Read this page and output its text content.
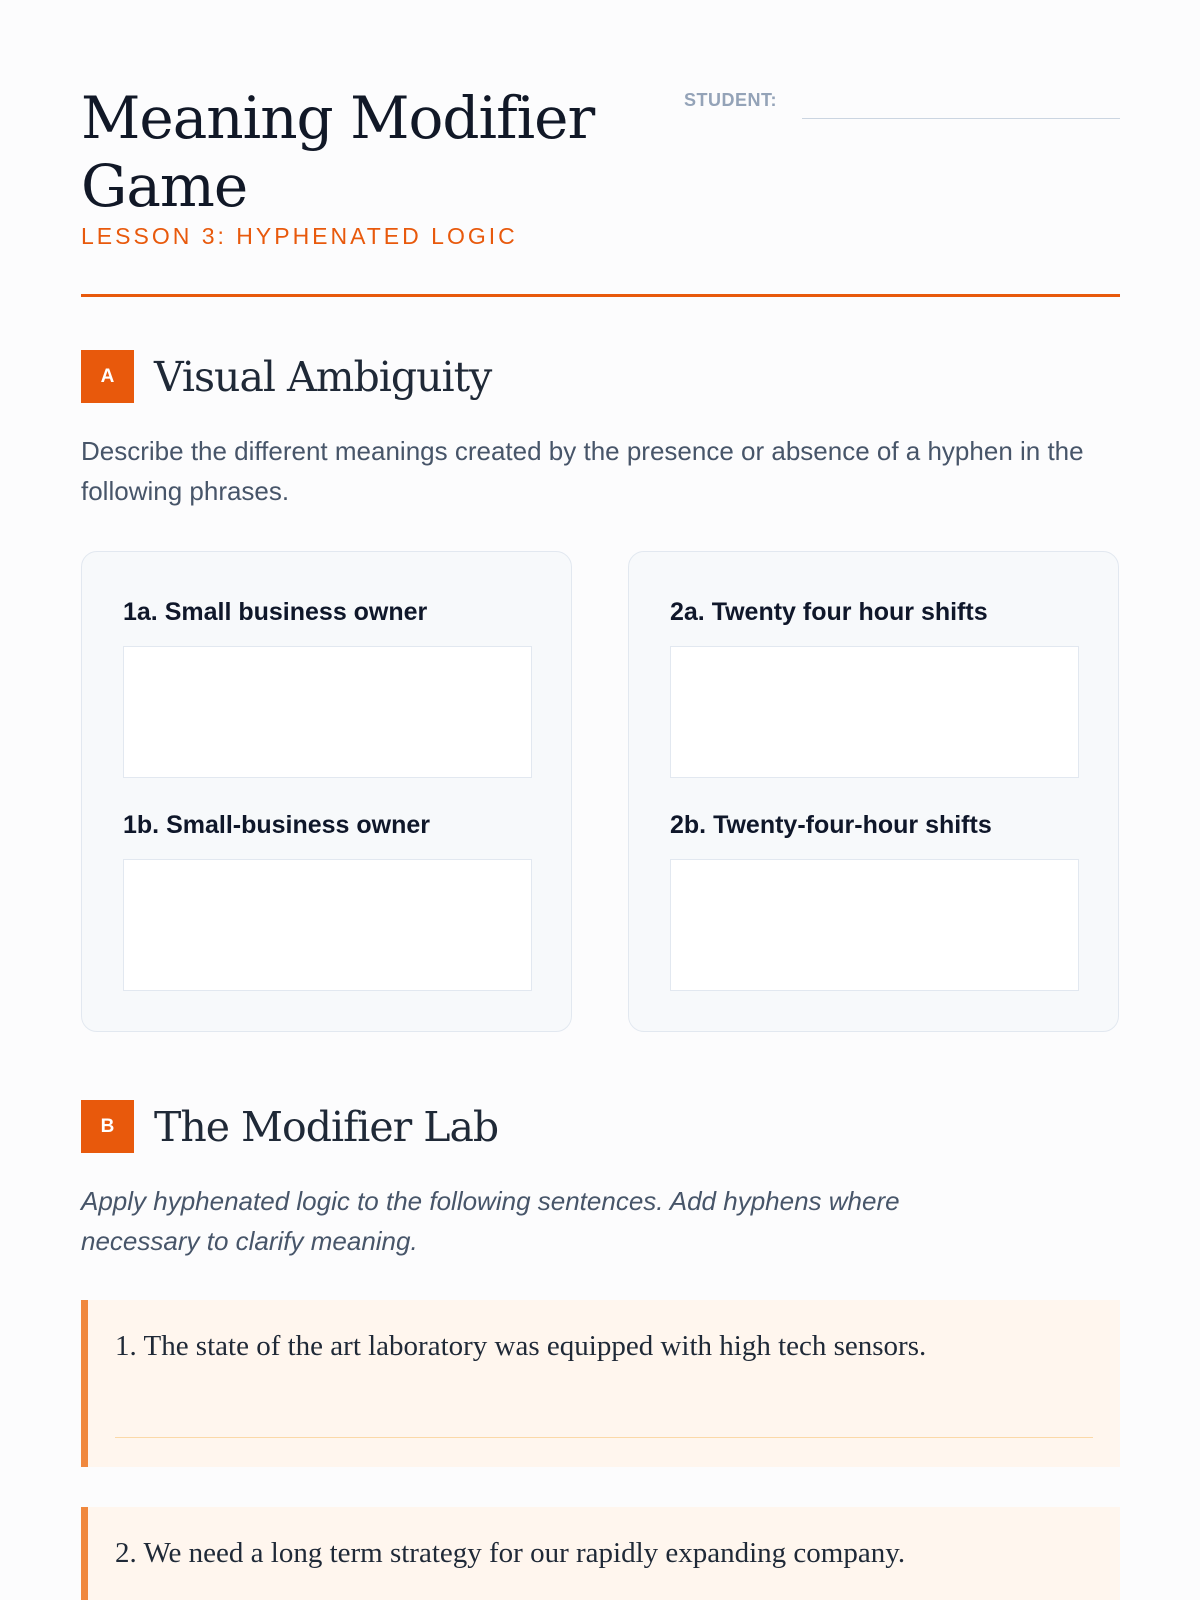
Meaning Modifier Game
LESSON 3: HYPHENATED LOGIC
STUDENT:
A Visual Ambiguity

Describe the different meanings created by the presence or absence of a hyphen in the following phrases.

1a. Small business owner
1b. Small-business owner
2a. Twenty four hour shifts
2b. Twenty-four-hour shifts
B The Modifier Lab

Apply hyphenated logic to the following sentences. Add hyphens where necessary to clarify meaning.

1. The state of the art laboratory was equipped with high tech sensors.
2. We need a long term strategy for our rapidly expanding company.
